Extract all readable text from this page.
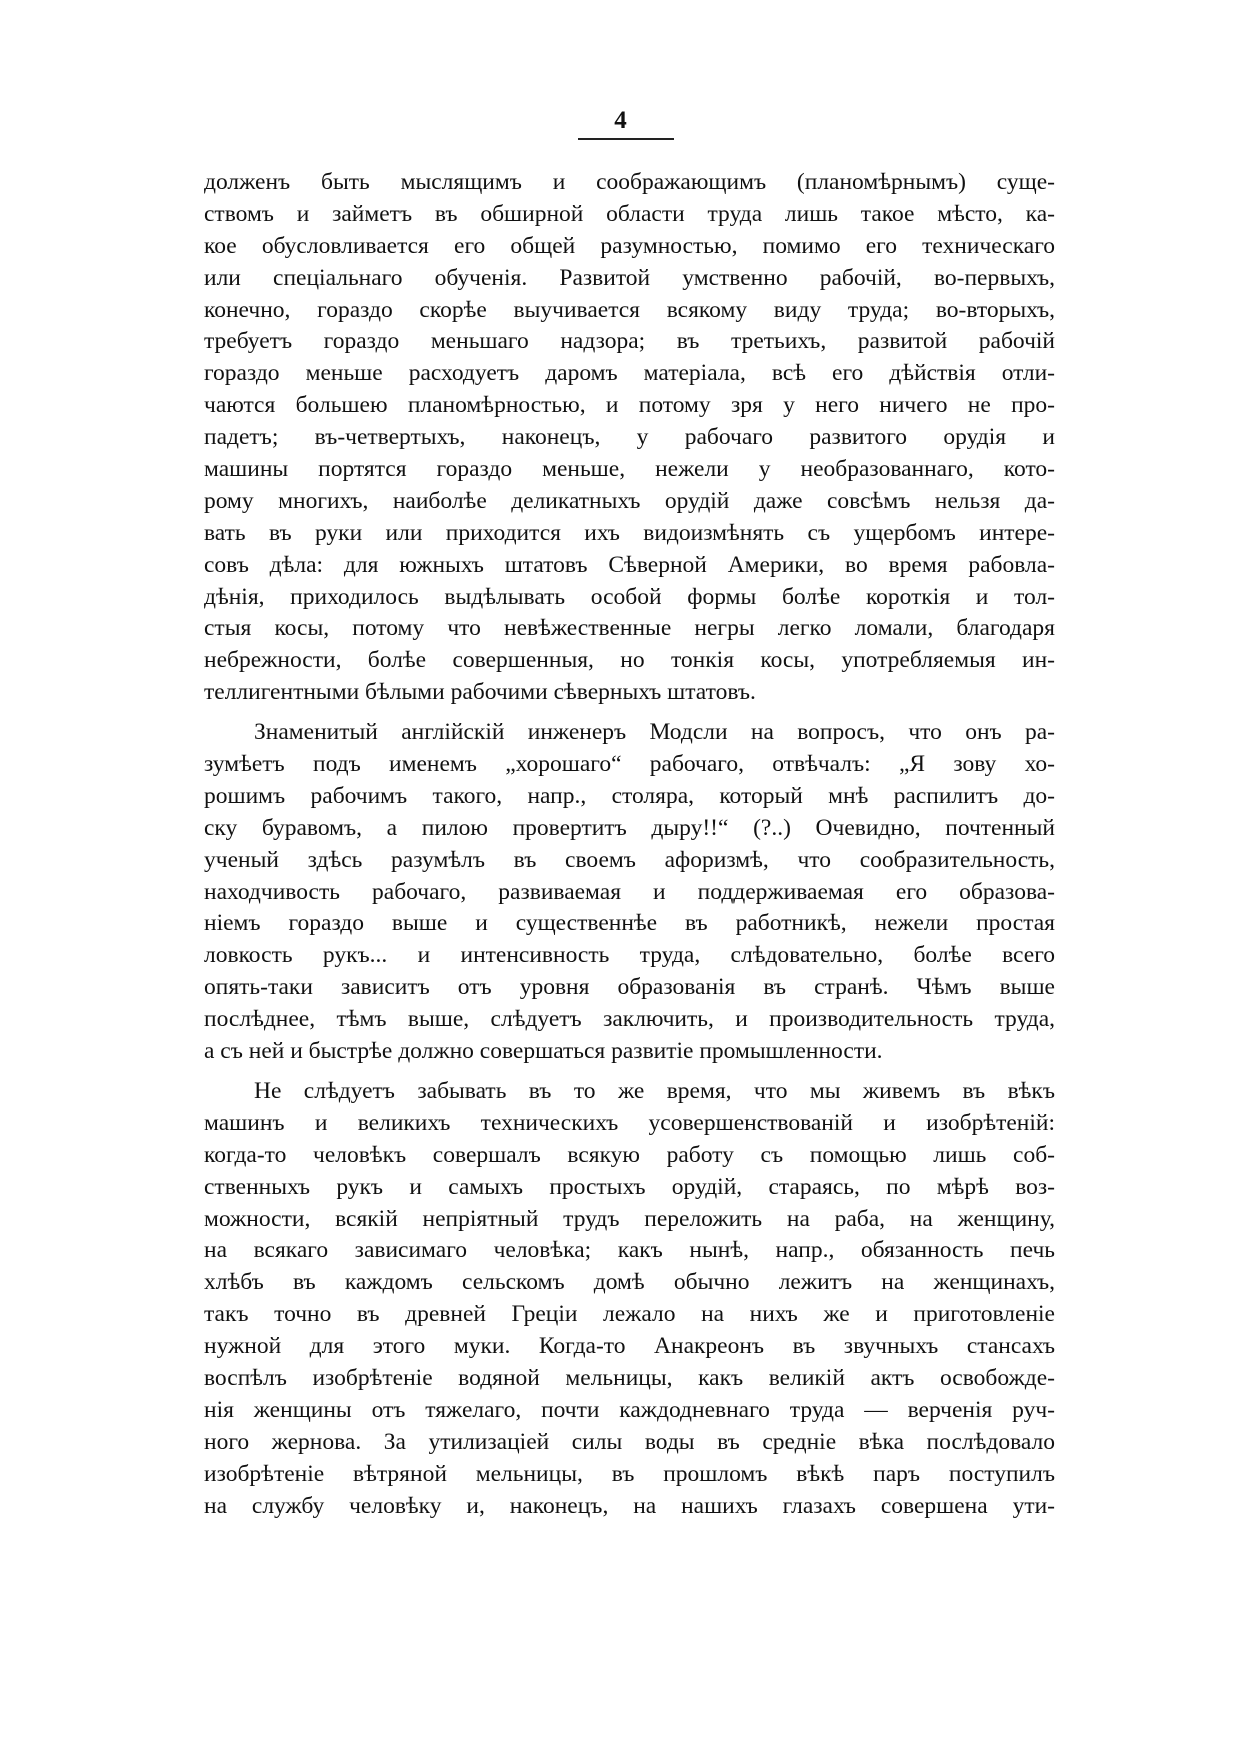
4
долженъ быть мыслящимъ и соображающимъ (планомѣрнымъ) суще-
ствомъ и займетъ въ обширной области труда лишь такое мѣсто, ка-
кое обусловливается его общей разумностью, помимо его техническаго
или спеціальнаго обученія. Развитой умственно рабочій, во-первыхъ,
конечно, гораздо скорѣе выучивается всякому виду труда; во-вторыхъ,
требуетъ гораздо меньшаго надзора; въ третьихъ, развитой рабочій
гораздо меньше расходуетъ даромъ матеріала, всѣ его дѣйствія отли-
чаются большею планомѣрностью, и потому зря у него ничего не про-
падетъ; въ-четвертыхъ, наконецъ, у рабочаго развитого орудія и
машины портятся гораздо меньше, нежели у необразованнаго, кото-
рому многихъ, наиболѣе деликатныхъ орудій даже совсѣмъ нельзя да-
вать въ руки или приходится ихъ видоизмѣнять съ ущербомъ интере-
совъ дѣла: для южныхъ штатовъ Сѣверной Америки, во время рабовла-
дѣнія, приходилось выдѣлывать особой формы болѣе короткія и тол-
стыя косы, потому что невѣжественные негры легко ломали, благодаря
небрежности, болѣе совершенныя, но тонкія косы, употребляемыя ин-
теллигентными бѣлыми рабочими сѣверныхъ штатовъ.
Знаменитый англійскій инженеръ Модсли на вопросъ, что онъ ра-
зумѣетъ подъ именемъ „хорошаго“ рабочаго, отвѣчалъ: „Я зову хо-
рошимъ рабочимъ такого, напр., столяра, который мнѣ распилитъ до-
ску буравомъ, а пилою провертитъ дыру!!“ (?..) Очевидно, почтенный
ученый здѣсь разумѣлъ въ своемъ афоризмѣ, что сообразительность,
находчивость рабочаго, развиваемая и поддерживаемая его образова-
ніемъ гораздо выше и существеннѣе въ работникѣ, нежели простая
ловкость рукъ... и интенсивность труда, слѣдовательно, болѣе всего
опять-таки зависитъ отъ уровня образованія въ странѣ. Чѣмъ выше
послѣднее, тѣмъ выше, слѣдуетъ заключить, и производительность труда,
а съ ней и быстрѣе должно совершаться развитіе промышленности.
Не слѣдуетъ забывать въ то же время, что мы живемъ въ вѣкъ
машинъ и великихъ техническихъ усовершенствованій и изобрѣтеній:
когда-то человѣкъ совершалъ всякую работу съ помощью лишь соб-
ственныхъ рукъ и самыхъ простыхъ орудій, стараясь, по мѣрѣ воз-
можности, всякій непріятный трудъ переложить на раба, на женщину,
на всякаго зависимаго человѣка; какъ нынѣ, напр., обязанность печь
хлѣбъ въ каждомъ сельскомъ домѣ обычно лежитъ на женщинахъ,
такъ точно въ древней Греціи лежало на нихъ же и приготовленіе
нужной для этого муки. Когда-то Анакреонъ въ звучныхъ стансахъ
воспѣлъ изобрѣтеніе водяной мельницы, какъ великій актъ освобожде-
нія женщины отъ тяжелаго, почти каждодневнаго труда — верченія руч-
ного жернова. За утилизаціей силы воды въ средніе вѣка послѣдовало
изобрѣтеніе вѣтряной мельницы, въ прошломъ вѣкѣ паръ поступилъ
на службу человѣку и, наконецъ, на нашихъ глазахъ совершена ути-
